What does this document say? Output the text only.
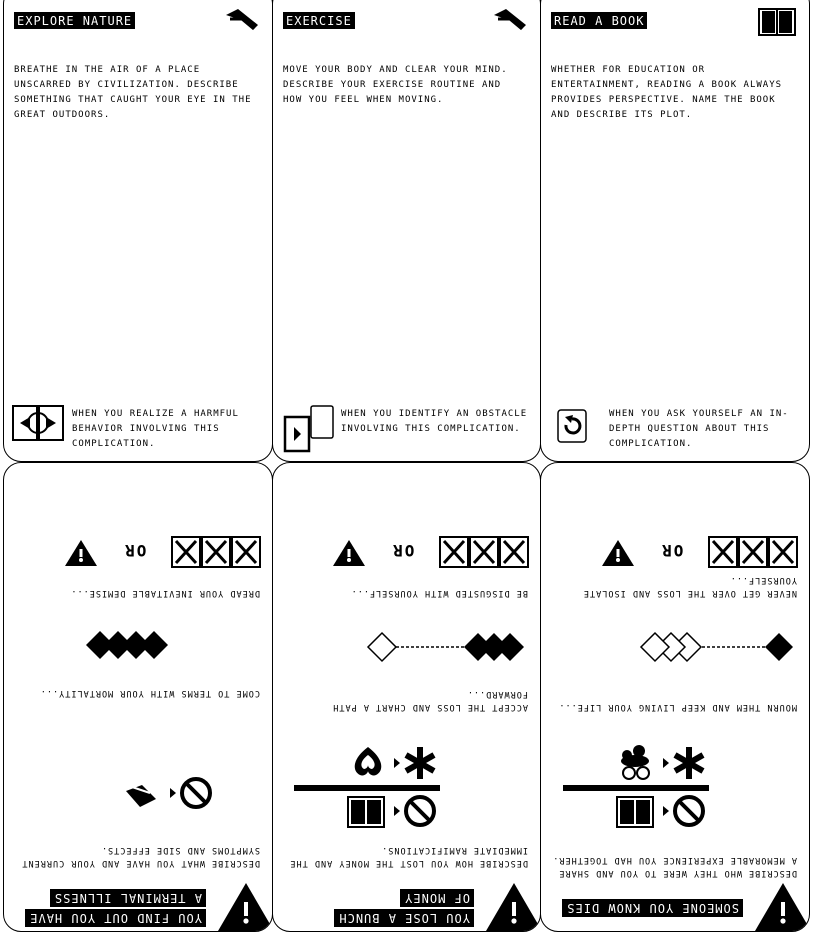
EXPLORE NATURE
BREATHE IN THE AIR OF A PLACE UNSCARRED BY CIVILIZATION. DESCRIBE SOMETHING THAT CAUGHT YOUR EYE IN THE GREAT OUTDOORS.
WHEN YOU REALIZE A HARMFUL BEHAVIOR INVOLVING THIS COMPLICATION.
EXERCISE
MOVE YOUR BODY AND CLEAR YOUR MIND. DESCRIBE YOUR EXERCISE ROUTINE AND HOW YOU FEEL WHEN MOVING.
WHEN YOU IDENTIFY AN OBSTACLE INVOLVING THIS COMPLICATION.
READ A BOOK
WHETHER FOR EDUCATION OR ENTERTAINMENT, READING A BOOK ALWAYS PROVIDES PERSPECTIVE. NAME THE BOOK AND DESCRIBE ITS PLOT.
WHEN YOU ASK YOURSELF AN IN-DEPTH QUESTION ABOUT THIS COMPLICATION.
YOU FIND OUT YOU HAVE
A TERMINAL ILLNESS
DESCRIBE WHAT YOU HAVE AND YOUR CURRENT SYMPTOMS AND SIDE EFFECTS.
COME TO TERMS WITH YOUR MORTALITY...
DREAD YOUR INEVITABLE DEMISE...
OR
YOU LOSE A BUNCH
OF MONEY
DESCRIBE HOW YOU LOST THE MONEY AND THE IMMEDIATE RAMIFICATIONS.
ACCEPT THE LOSS AND CHART A PATH FORWARD...
BE DISGUSTED WITH YOURSELF...
OR
SOMEONE YOU KNOW DIES
DESCRIBE WHO THEY WERE TO YOU AND SHARE A MEMORABLE EXPERIENCE YOU HAD TOGETHER.
MOURN THEM AND KEEP LIVING YOUR LIFE...
NEVER GET OVER THE LOSS AND ISOLATE YOURSELF...
OR
